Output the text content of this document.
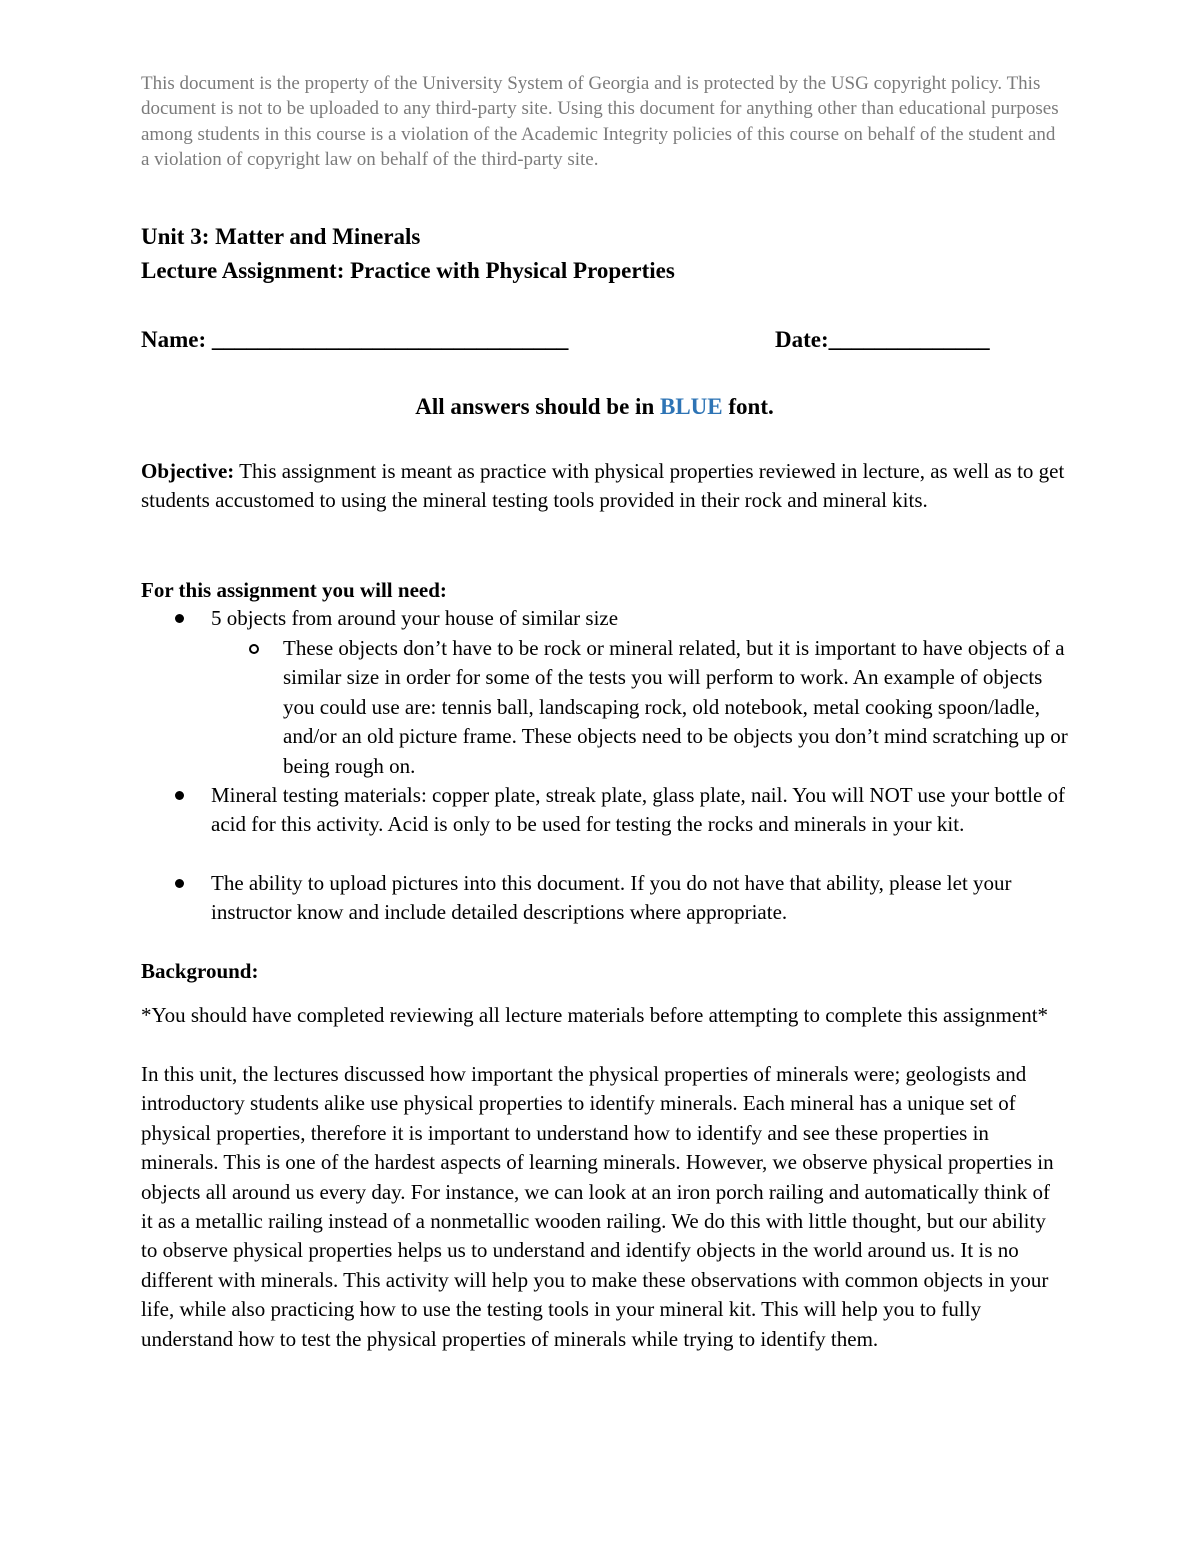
This document is the property of the University System of Georgia and is protected by the USG copyright policy. This document is not to be uploaded to any third-party site. Using this document for anything other than educational purposes among students in this course is a violation of the Academic Integrity policies of this course on behalf of the student and a violation of copyright law on behalf of the third-party site.
Unit 3: Matter and Minerals
Lecture Assignment: Practice with Physical Properties
Name: _______________________________	Date:______________
All answers should be in BLUE font.
Objective: This assignment is meant as practice with physical properties reviewed in lecture, as well as to get students accustomed to using the mineral testing tools provided in their rock and mineral kits.
For this assignment you will need:
5 objects from around your house of similar size
These objects don’t have to be rock or mineral related, but it is important to have objects of a similar size in order for some of the tests you will perform to work. An example of objects you could use are: tennis ball, landscaping rock, old notebook, metal cooking spoon/ladle, and/or an old picture frame. These objects need to be objects you don’t mind scratching up or being rough on.
Mineral testing materials: copper plate, streak plate, glass plate, nail. You will NOT use your bottle of acid for this activity. Acid is only to be used for testing the rocks and minerals in your kit.
The ability to upload pictures into this document. If you do not have that ability, please let your instructor know and include detailed descriptions where appropriate.
Background:
*You should have completed reviewing all lecture materials before attempting to complete this assignment*
In this unit, the lectures discussed how important the physical properties of minerals were; geologists and introductory students alike use physical properties to identify minerals. Each mineral has a unique set of physical properties, therefore it is important to understand how to identify and see these properties in minerals. This is one of the hardest aspects of learning minerals. However, we observe physical properties in objects all around us every day. For instance, we can look at an iron porch railing and automatically think of it as a metallic railing instead of a nonmetallic wooden railing. We do this with little thought, but our ability to observe physical properties helps us to understand and identify objects in the world around us. It is no different with minerals. This activity will help you to make these observations with common objects in your life, while also practicing how to use the testing tools in your mineral kit. This will help you to fully understand how to test the physical properties of minerals while trying to identify them.
